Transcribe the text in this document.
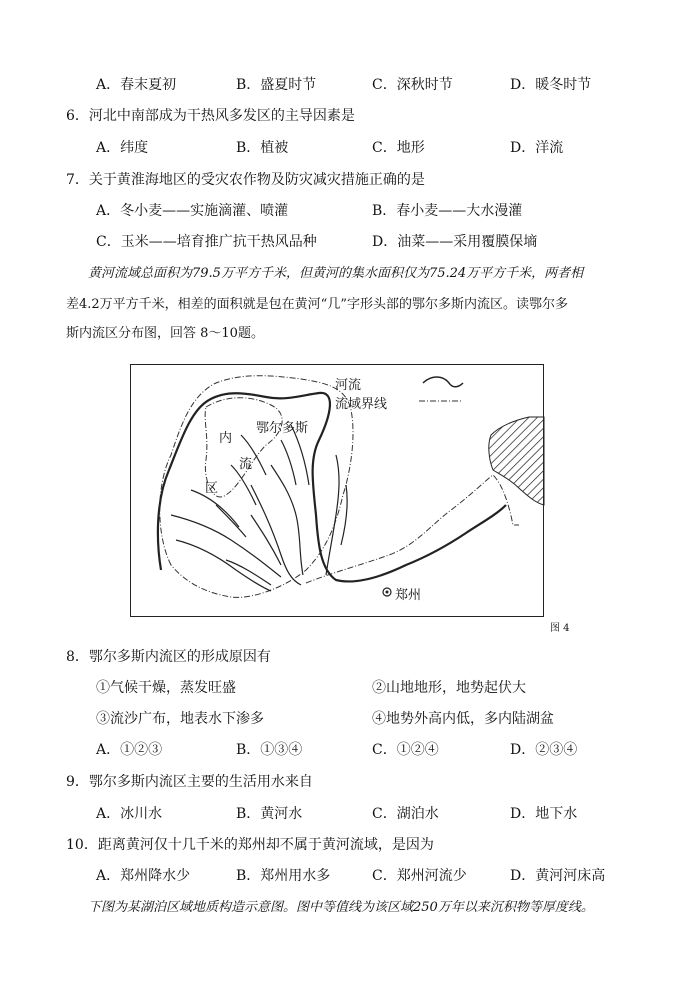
A．春末夏初	B．盛夏时节	C．深秋时节	D．暖冬时节
6．河北中南部成为干热风多发区的主导因素是
A．纬度	B．植被	C．地形	D．洋流
7．关于黄淮海地区的受灾农作物及防灾减灾措施正确的是
A．冬小麦——实施滴灌、喷灌	B．春小麦——大水漫灌
C．玉米——培育推广抗干热风品种	D．油菜——采用覆膜保墒
黄河流域总面积为79.5万平方千米，但黄河的集水面积仅为75.24万平方千米，两者相
差4.2万平方千米，相差的面积就是包在黄河“几”字形头部的鄂尔多斯内流区。读鄂尔多
斯内流区分布图，回答 8～10题。
河流
流域界线
鄂尔多斯
内
流
区
郑州
图 4
8．鄂尔多斯内流区的形成原因有
①气候干燥，蒸发旺盛	②山地地形，地势起伏大
③流沙广布，地表水下渗多	④地势外高内低，多内陆湖盆
A．①②③	B．①③④	C．①②④	D．②③④
9．鄂尔多斯内流区主要的生活用水来自
A．冰川水	B．黄河水	C．湖泊水	D．地下水
10．距离黄河仅十几千米的郑州却不属于黄河流域，是因为
A．郑州降水少	B．郑州用水多	C．郑州河流少	D．黄河河床高
下图为某湖泊区域地质构造示意图。图中等值线为该区域250万年以来沉积物等厚度线。
